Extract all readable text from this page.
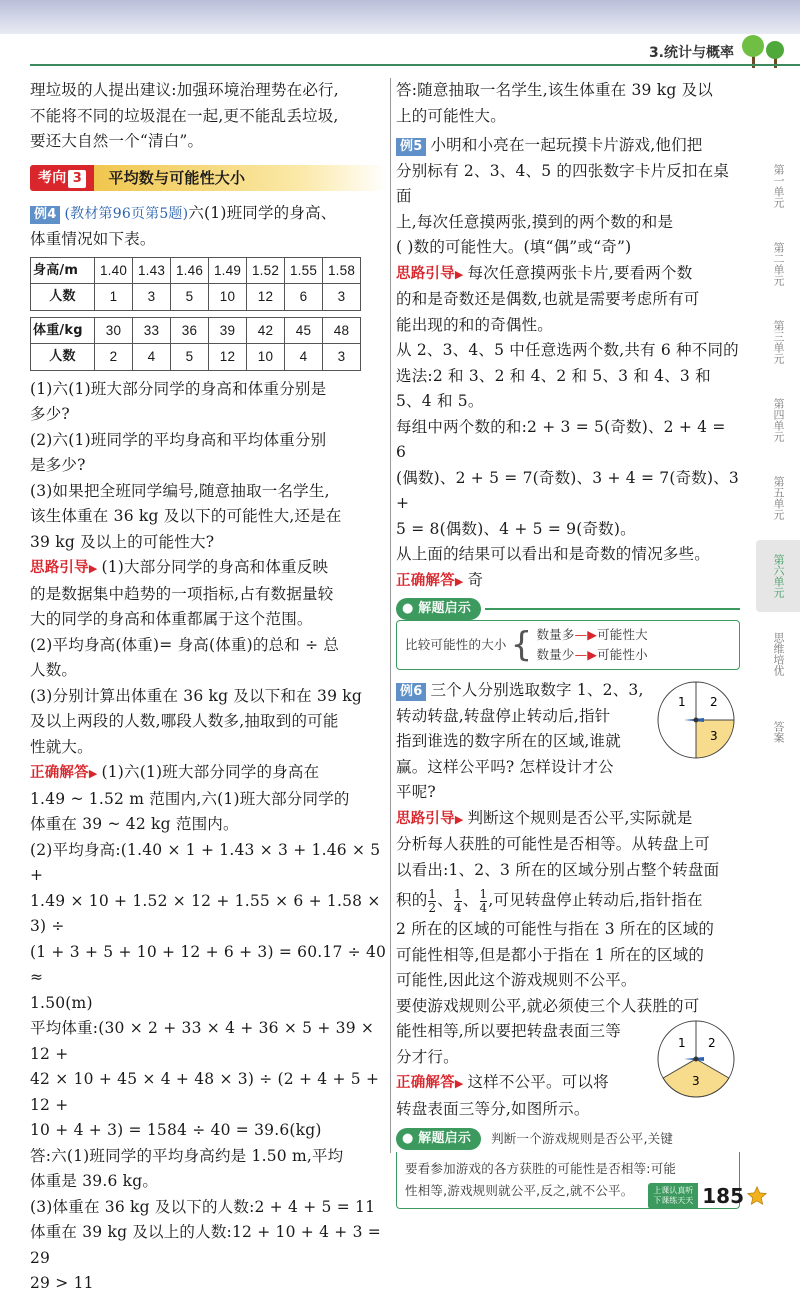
3.统计与概率

理垃圾的人提出建议:加强环境治理势在必行,

不能将不同的垃圾混在一起,更不能乱丢垃圾,

要还大自然一个“清白”。

考向 3	平均数与可能性大小

例4 (教材第96页第5题)六(1)班同学的身高、

体重情况如下表。

身高/m	1.40	1.43	1.46	1.49	1.52	1.55	1.58
人数	1	3	5	10	12	6	3
体重/kg	30	33	36	39	42	45	48
人数	2	4	5	12	10	4	3

(1)六(1)班大部分同学的身高和体重分别是

多少?

(2)六(1)班同学的平均身高和平均体重分别

是多少?

(3)如果把全班同学编号,随意抽取一名学生,

该生体重在 36 kg 及以下的可能性大,还是在

39 kg 及以上的可能性大?

思路引导▶ (1)大部分同学的身高和体重反映

的是数据集中趋势的一项指标,占有数据量较

大的同学的身高和体重都属于这个范围。

(2)平均身高(体重)= 身高(体重)的总和 ÷ 总

人数。

(3)分别计算出体重在 36 kg 及以下和在 39 kg

及以上两段的人数,哪段人数多,抽取到的可能

性就大。

正确解答▶ (1)六(1)班大部分同学的身高在

1.49 ~ 1.52 m 范围内,六(1)班大部分同学的

体重在 39 ~ 42 kg 范围内。

(2)平均身高:(1.40 × 1 + 1.43 × 3 + 1.46 × 5 +

1.49 × 10 + 1.52 × 12 + 1.55 × 6 + 1.58 × 3) ÷

(1 + 3 + 5 + 10 + 12 + 6 + 3) = 60.17 ÷ 40 ≈

1.50(m)

平均体重:(30 × 2 + 33 × 4 + 36 × 5 + 39 × 12 +

42 × 10 + 45 × 4 + 48 × 3) ÷ (2 + 4 + 5 + 12 +

10 + 4 + 3) = 1584 ÷ 40 = 39.6(kg)

答:六(1)班同学的平均身高约是 1.50 m,平均

体重是 39.6 kg。

(3)体重在 36 kg 及以下的人数:2 + 4 + 5 = 11

体重在 39 kg 及以上的人数:12 + 10 + 4 + 3 = 29

29 > 11

答:随意抽取一名学生,该生体重在 39 kg 及以

上的可能性大。

例5 小明和小亮在一起玩摸卡片游戏,他们把

分别标有 2、3、4、5 的四张数字卡片反扣在桌面

上,每次任意摸两张,摸到的两个数的和是

( )数的可能性大。(填“偶”或“奇”)

思路引导▶ 每次任意摸两张卡片,要看两个数

的和是奇数还是偶数,也就是需要考虑所有可

能出现的和的奇偶性。

从 2、3、4、5 中任意选两个数,共有 6 种不同的

选法:2 和 3、2 和 4、2 和 5、3 和 4、3 和 5、4 和 5。

每组中两个数的和:2 + 3 = 5(奇数)、2 + 4 = 6

(偶数)、2 + 5 = 7(奇数)、3 + 4 = 7(奇数)、3 +

5 = 8(偶数)、4 + 5 = 9(奇数)。

从上面的结果可以看出和是奇数的情况多些。

正确解答▶ 奇

● 解题启示
比较可能性的大小 { 数量多—▶可能性大
数量少—▶可能性小
1 2
3

例6 三个人分别选取数字 1、2、3,

转动转盘,转盘停止转动后,指针

指到谁选的数字所在的区域,谁就

赢。这样公平吗? 怎样设计才公

平呢?

思路引导▶ 判断这个规则是否公平,实际就是

分析每人获胜的可能性是否相等。从转盘上可

以看出:1、2、3 所在的区域分别占整个转盘面

积的 $\frac{1}{2}$ 、 $\frac{1}{4}$ 、 $\frac{1}{4}$ ,可见转盘停止转动后,指针指在

2 所在的区域的可能性与指在 3 所在的区域的

可能性相等,但是都小于指在 1 所在的区域的

可能性,因此这个游戏规则不公平。

要使游戏规则公平,就必须使三个人获胜的可

1 2
3

能性相等,所以要把转盘表面三等

分才行。

正确解答▶ 这样不公平。可以将

转盘表面三等分,如图所示。

● 解题启示	判断一个游戏规则是否公平,关键

要看参加游戏的各方获胜的可能性是否相等:可能

性相等,游戏规则就公平,反之,就不公平。

第一单元
第二单元
第三单元
第四单元
第五单元
第六单元
思维培优
答案
上课认真听
下课练天天 185
